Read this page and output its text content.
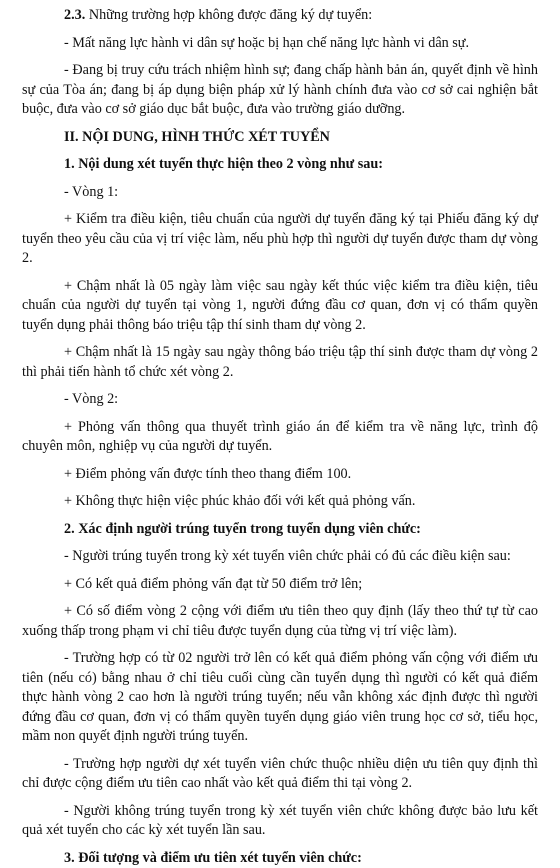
2.3. Những trường hợp không được đăng ký dự tuyển:

- Mất năng lực hành vi dân sự hoặc bị hạn chế năng lực hành vi dân sự.

- Đang bị truy cứu trách nhiệm hình sự; đang chấp hành bản án, quyết định về hình sự của Tòa án; đang bị áp dụng biện pháp xử lý hành chính đưa vào cơ sở cai nghiện bắt buộc, đưa vào cơ sở giáo dục bắt buộc, đưa vào trường giáo dưỡng.

II. NỘI DUNG, HÌNH THỨC XÉT TUYỂN

1. Nội dung xét tuyển thực hiện theo 2 vòng như sau:

- Vòng 1:

+ Kiểm tra điều kiện, tiêu chuẩn của người dự tuyển đăng ký tại Phiếu đăng ký dự tuyển theo yêu cầu của vị trí việc làm, nếu phù hợp thì người dự tuyển được tham dự vòng 2.

+ Chậm nhất là 05 ngày làm việc sau ngày kết thúc việc kiểm tra điều kiện, tiêu chuẩn của người dự tuyển tại vòng 1, người đứng đầu cơ quan, đơn vị có thẩm quyền tuyển dụng phải thông báo triệu tập thí sinh tham dự vòng 2.

+ Chậm nhất là 15 ngày sau ngày thông báo triệu tập thí sinh được tham dự vòng 2 thì phải tiến hành tổ chức xét vòng 2.

- Vòng 2:

+ Phỏng vấn thông qua thuyết trình giáo án để kiểm tra về năng lực, trình độ chuyên môn, nghiệp vụ của người dự tuyển.

+ Điểm phỏng vấn được tính theo thang điểm 100.

+ Không thực hiện việc phúc khảo đối với kết quả phỏng vấn.

2. Xác định người trúng tuyển trong tuyển dụng viên chức:

- Người trúng tuyển trong kỳ xét tuyển viên chức phải có đủ các điều kiện sau:

+ Có kết quả điểm phỏng vấn đạt từ 50 điểm trở lên;

+ Có số điểm vòng 2 cộng với điểm ưu tiên theo quy định (lấy theo thứ tự từ cao xuống thấp trong phạm vi chỉ tiêu được tuyển dụng của từng vị trí việc làm).

- Trường hợp có từ 02 người trở lên có kết quả điểm phỏng vấn cộng với điểm ưu tiên (nếu có) bằng nhau ở chỉ tiêu cuối cùng cần tuyển dụng thì người có kết quả điểm thực hành vòng 2 cao hơn là người trúng tuyển; nếu vẫn không xác định được thì người đứng đầu cơ quan, đơn vị có thẩm quyền tuyển dụng giáo viên trung học cơ sở, tiểu học, mầm non quyết định người trúng tuyển.

- Trường hợp người dự xét tuyển viên chức thuộc nhiều diện ưu tiên quy định thì chỉ được cộng điểm ưu tiên cao nhất vào kết quả điểm thi tại vòng 2.

- Người không trúng tuyển trong kỳ xét tuyển viên chức không được bảo lưu kết quả xét tuyển cho các kỳ xét tuyển lần sau.

3. Đối tượng và điểm ưu tiên xét tuyển viên chức:
